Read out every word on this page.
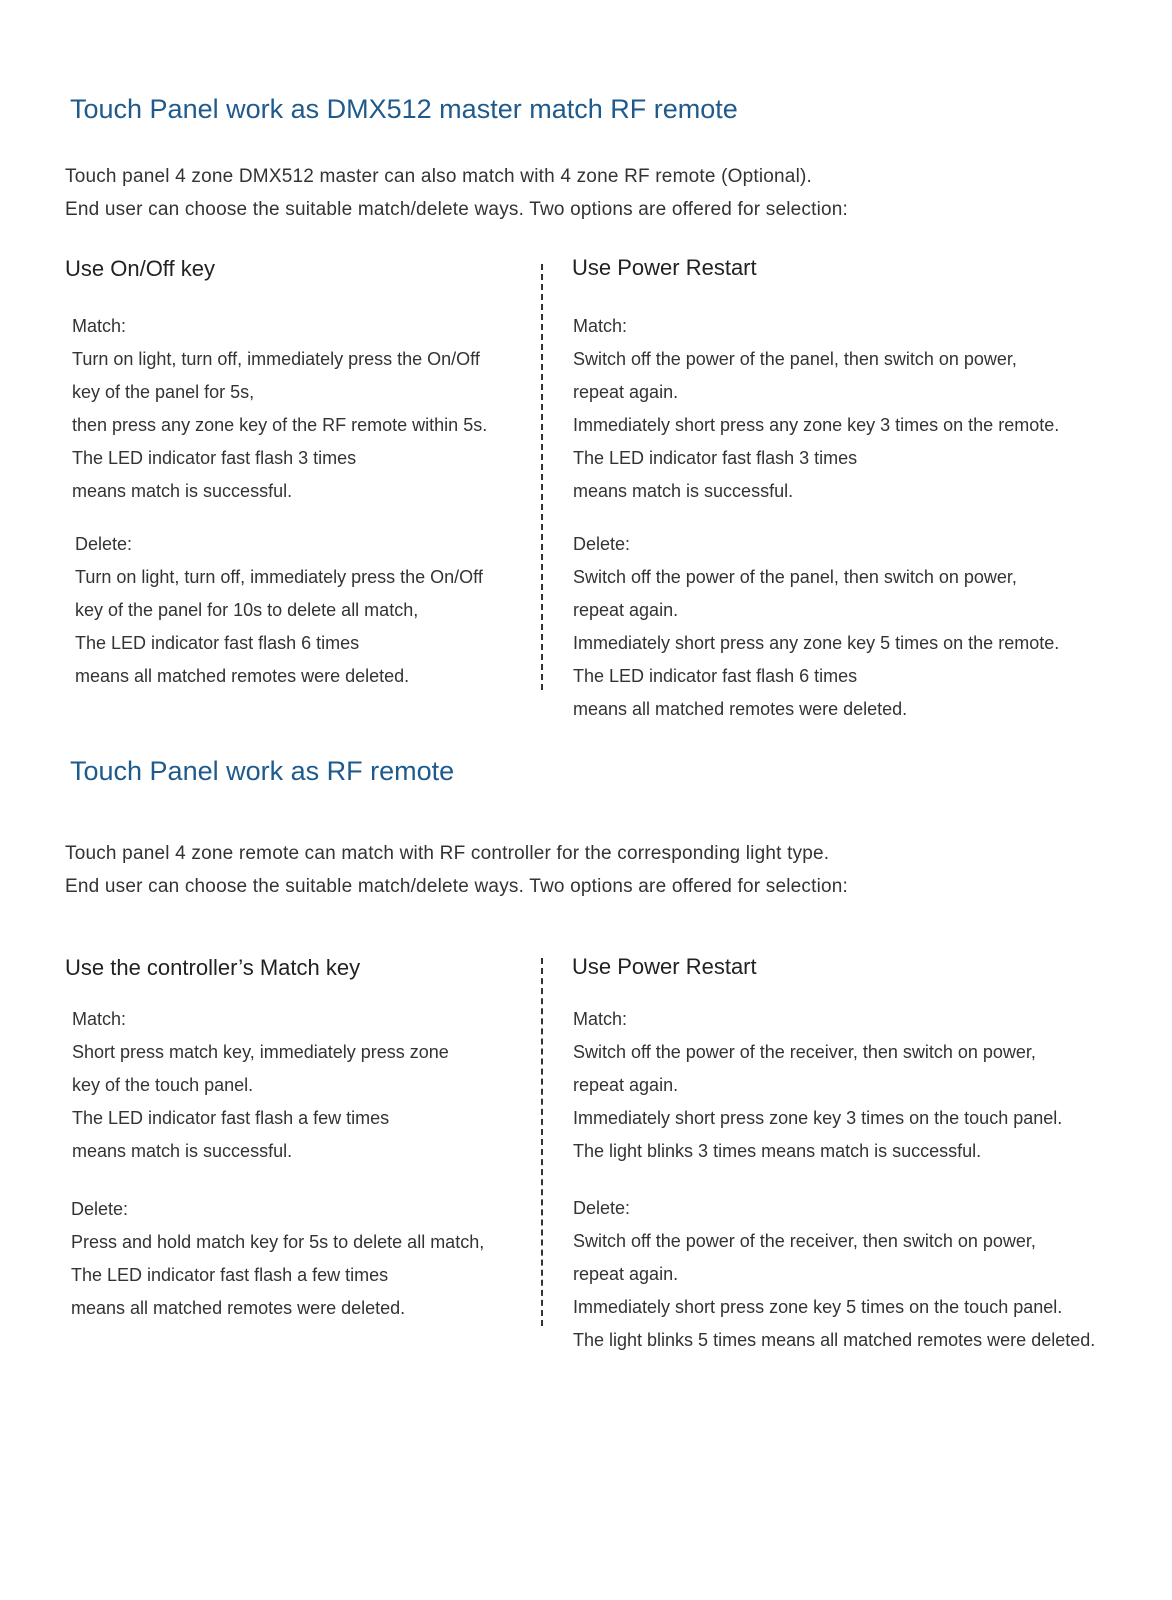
Touch Panel work as DMX512 master match RF remote
Touch panel 4 zone DMX512 master can also match with 4 zone RF remote (Optional).
End user can choose the suitable match/delete ways. Two options are offered for selection:
Use On/Off key	Use Power Restart
Match:
Turn on light, turn off, immediately press the On/Off
key of the panel for 5s,
then press any zone key of the RF remote within 5s.
The LED indicator fast flash 3 times
means match is successful.
Delete:
Turn on light, turn off, immediately press the On/Off
key of the panel for 10s to delete all match,
The LED indicator fast flash 6 times
means all matched remotes were deleted.
Match:
Switch off the power of the panel, then switch on power,
repeat again.
Immediately short press any zone key 3 times on the remote.
The LED indicator fast flash 3 times
means match is successful.
Delete:
Switch off the power of the panel, then switch on power,
repeat again.
Immediately short press any zone key 5 times on the remote.
The LED indicator fast flash 6 times
means all matched remotes were deleted.
Touch Panel work as RF remote
Touch panel 4 zone remote can match with RF controller for the corresponding light type.
End user can choose the suitable match/delete ways. Two options are offered for selection:
Use the controller’s Match key	Use Power Restart
Match:
Short press match key, immediately press zone
key of the touch panel.
The LED indicator fast flash a few times
means match is successful.
Delete:
Press and hold match key for 5s to delete all match,
The LED indicator fast flash a few times
means all matched remotes were deleted.
Match:
Switch off the power of the receiver, then switch on power,
repeat again.
Immediately short press zone key 3 times on the touch panel.
The light blinks 3 times means match is successful.
Delete:
Switch off the power of the receiver, then switch on power,
repeat again.
Immediately short press zone key 5 times on the touch panel.
The light blinks 5 times means all matched remotes were deleted.
